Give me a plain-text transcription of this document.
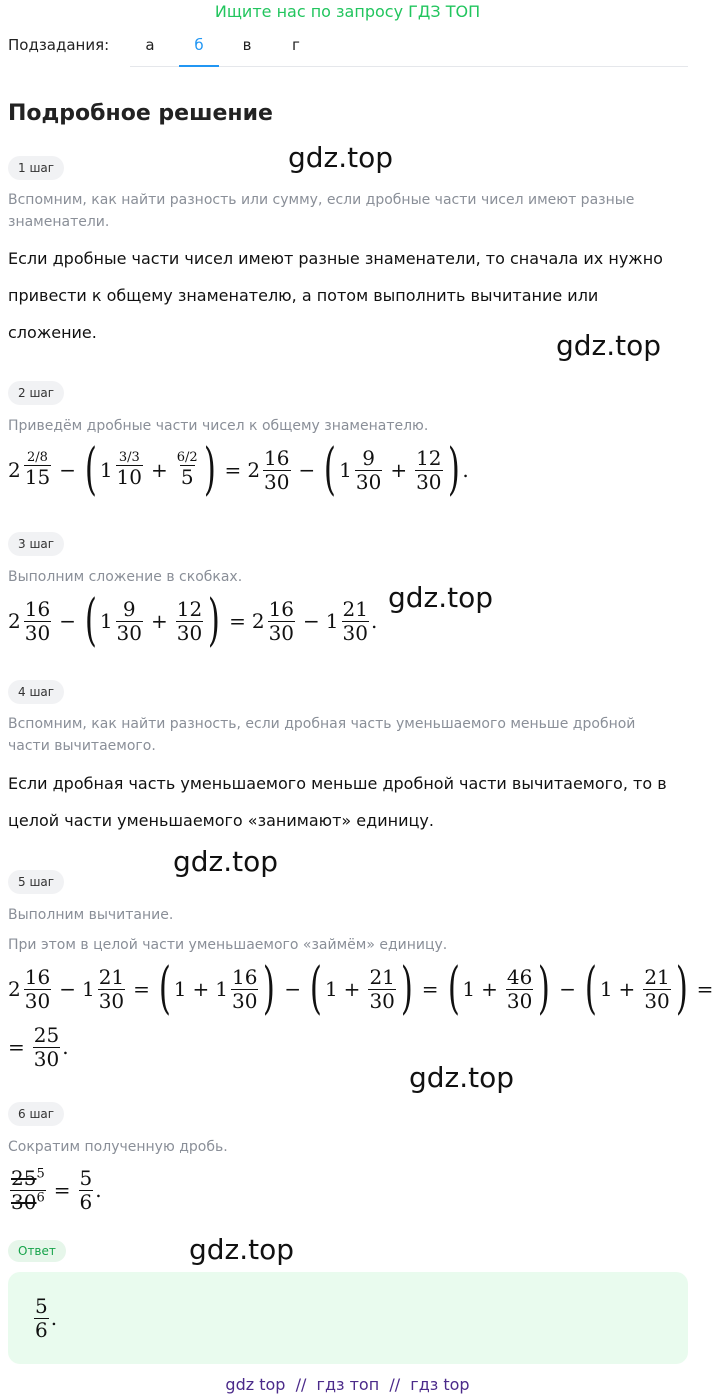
Ищите нас по запросу ГДЗ ТОП
Подзадания:	а	б	в	г
Подробное решение
gdz.top
gdz.top
gdz.top
gdz.top
gdz.top
gdz.top
1 шаг
Вспомним, как найти разность или сумму, если дробные части чисел имеют разные знаменатели.
Если дробные части чисел имеют разные знаменатели, то сначала их нужно привести к общему знаменателю, а потом выполнить вычитание или сложение.
2 шаг
Приведём дробные части чисел к общему знаменателю.
$2 \frac{2/8}{15}$ − ( $1 \frac{3/3}{10} + \frac{6/2}{5}$ ) = $2 \frac{16}{30}$ − ( $1 \frac{9}{30} + \frac{12}{30}$ ) .
3 шаг
Выполним сложение в скобках.
$2 \frac{16}{30}$ − ( $1 \frac{9}{30} + \frac{12}{30}$ ) = $2 \frac{16}{30} - 1 \frac{21}{30}$ .
4 шаг
Вспомним, как найти разность, если дробная часть уменьшаемого меньше дробной части вычитаемого.
Если дробная часть уменьшаемого меньше дробной части вычитаемого, то в целой части уменьшаемого «занимают» единицу.
5 шаг
Выполним вычитание.
При этом в целой части уменьшаемого «займём» единицу.
$2 \frac{16}{30} - 1 \frac{21}{30}$ = ( $1 + 1 \frac{16}{30}$ ) − ( $1 + \frac{21}{30}$ ) = ( $1 + \frac{46}{30}$ ) − ( $1 + \frac{21}{30}$ ) =
= $\frac{25}{30}$ .
6 шаг
Сократим полученную дробь.
$\frac{25^5}{30^6} = \frac{5}{6}$ .
Ответ
$\frac{5}{6}$ .
gdz top  //  гдз топ  //  гдз top
